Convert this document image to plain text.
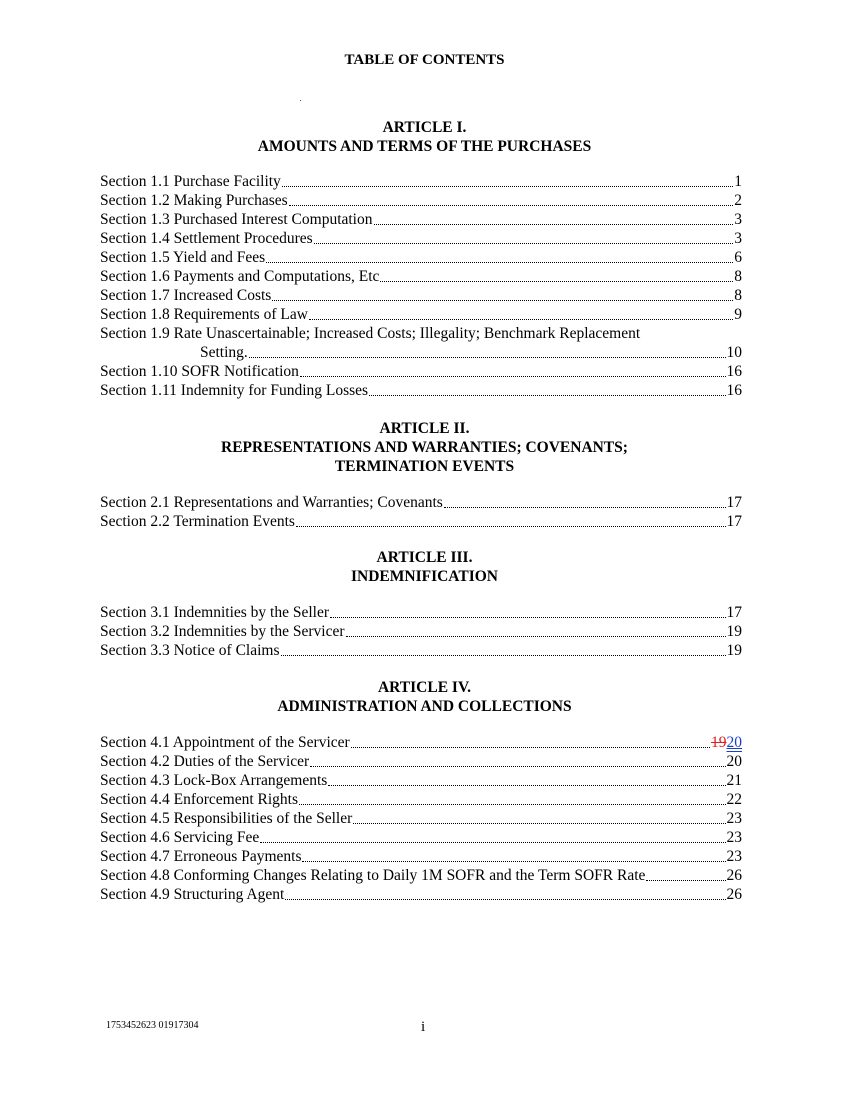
TABLE OF CONTENTS
ARTICLE I.
AMOUNTS AND TERMS OF THE PURCHASES
Section 1.1 Purchase Facility	1
Section 1.2 Making Purchases	2
Section 1.3 Purchased Interest Computation	3
Section 1.4 Settlement Procedures	3
Section 1.5 Yield and Fees	6
Section 1.6 Payments and Computations, Etc	8
Section 1.7 Increased Costs	8
Section 1.8 Requirements of Law	9
Section 1.9 Rate Unascertainable; Increased Costs; Illegality; Benchmark Replacement
Setting.	10
Section 1.10 SOFR Notification	16
Section 1.11 Indemnity for Funding Losses	16
ARTICLE II.
REPRESENTATIONS AND WARRANTIES; COVENANTS;
TERMINATION EVENTS
Section 2.1 Representations and Warranties; Covenants	17
Section 2.2 Termination Events	17
ARTICLE III.
INDEMNIFICATION
Section 3.1 Indemnities by the Seller	17
Section 3.2 Indemnities by the Servicer	19
Section 3.3 Notice of Claims	19
ARTICLE IV.
ADMINISTRATION AND COLLECTIONS
Section 4.1 Appointment of the Servicer	1920
Section 4.2 Duties of the Servicer	20
Section 4.3 Lock-Box Arrangements	21
Section 4.4 Enforcement Rights	22
Section 4.5 Responsibilities of the Seller	23
Section 4.6 Servicing Fee	23
Section 4.7 Erroneous Payments	23
Section 4.8 Conforming Changes Relating to Daily 1M SOFR and the Term SOFR Rate	26
Section 4.9 Structuring Agent	26
1753452623 01917304	i
